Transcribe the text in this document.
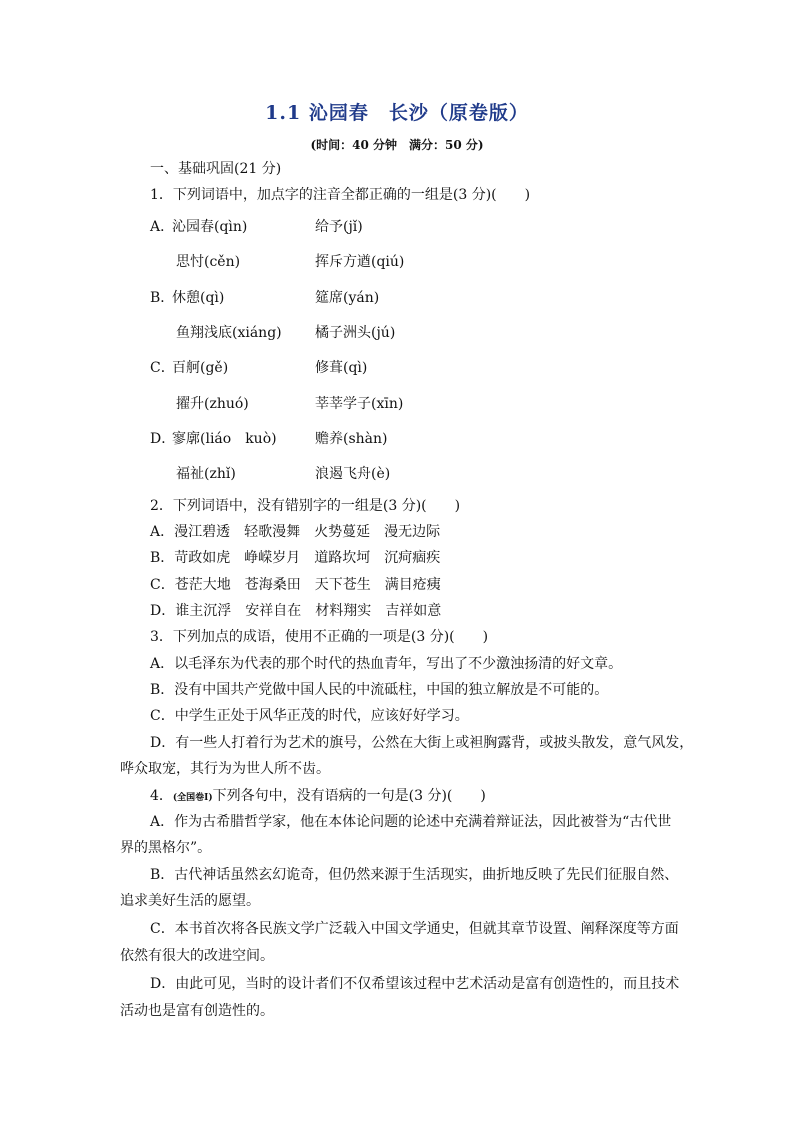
1.1 沁园春　长沙（原卷版）
(时间：40 分钟　满分：50 分)
一、基础巩固(21 分)
1．下列词语中，加点字的注音全都正确的一组是(3 分)(　　)
A．
沁园春(qìn)	给予(jǐ)
思忖(cěn)	挥斥方遒(qiú)
B．
休憩(qì)	筵席(yán)
鱼翔浅底(xiáng) 橘子洲头(jú)
C．
百舸(gě)	修葺(qì)
擢升(zhuó)	莘莘学子(xīn)
D．
寥廓(liáo　kuò)	赡养(shàn)
福祉(zhǐ)	浪遏飞舟(è)
2．下列词语中，没有错别字的一组是(3 分)(　　)
A．漫江碧透　轻歌漫舞　火势蔓延　漫无边际
B．苛政如虎　峥嵘岁月　道路坎坷　沉疴痼疾
C．苍茫大地　苍海桑田　天下苍生　满目疮痍
D．谁主沉浮　安祥自在　材料翔实　吉祥如意
3．下列加点的成语，使用不正确的一项是(3 分)(　　)
A．以毛泽东为代表的那个时代的热血青年，写出了不少激浊扬清的好文章。
B．没有中国共产党做中国人民的中流砥柱，中国的独立解放是不可能的。
C．中学生正处于风华正茂的时代，应该好好学习。
D．有一些人打着行为艺术的旗号，公然在大街上或袒胸露背，或披头散发，意气风发，
哗众取宠，其行为为世人所不齿。
4．(全国卷Ⅰ)下列各句中，没有语病的一句是(3 分)(　　)
A．作为古希腊哲学家，他在本体论问题的论述中充满着辩证法，因此被誉为“古代世
界的黑格尔”。
B．古代神话虽然玄幻诡奇，但仍然来源于生活现实，曲折地反映了先民们征服自然、
追求美好生活的愿望。
C．本书首次将各民族文学广泛载入中国文学通史，但就其章节设置、阐释深度等方面
依然有很大的改进空间。
D．由此可见，当时的设计者们不仅希望该过程中艺术活动是富有创造性的，而且技术
活动也是富有创造性的。
